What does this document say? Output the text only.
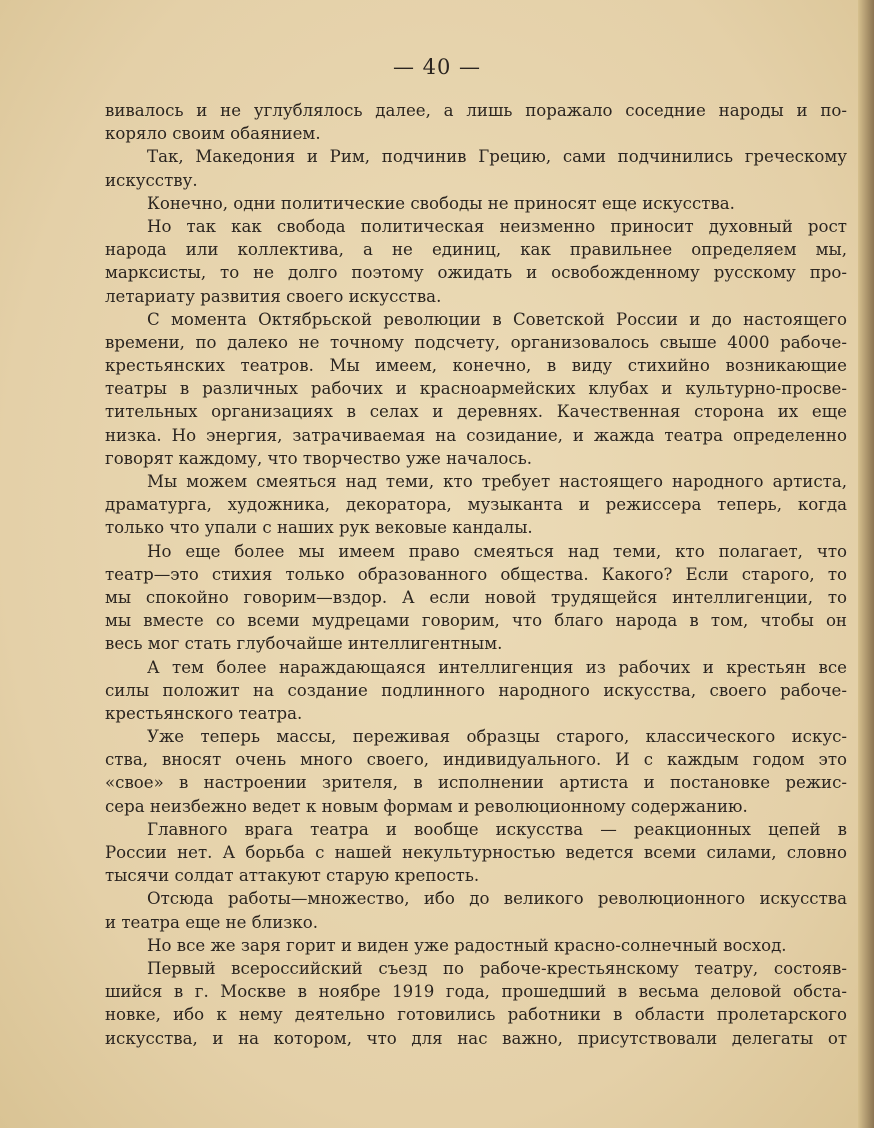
— 40 —
вивалось и не углублялось далее, а лишь поражало соседние народы и по-
коряло своим обаянием.
Так, Македония и Рим, подчинив Грецию, сами подчинились греческому
искусству.
Конечно, одни политические свободы не приносят еще искусства.
Но так как свобода политическая неизменно приносит духовный рост
народа или коллектива, а не единиц, как правильнее определяем мы,
марксисты, то не долго поэтому ожидать и освобожденному русскому про-
летариату развития своего искусства.
С момента Октябрьской революции в Советской России и до настоящего
времени, по далеко не точному подсчету, организовалось свыше 4000 рабоче-
крестьянских театров. Мы имеем, конечно, в виду стихийно возникающие
театры в различных рабочих и красноармейских клубах и культурно-просве-
тительных организациях в селах и деревнях. Качественная сторона их еще
низка. Но энергия, затрачиваемая на созидание, и жажда театра определенно
говорят каждому, что творчество уже началось.
Мы можем смеяться над теми, кто требует настоящего народного артиста,
драматурга, художника, декоратора, музыканта и режиссера теперь, когда
только что упали с наших рук вековые кандалы.
Но еще более мы имеем право смеяться над теми, кто полагает, что
театр—это стихия только образованного общества. Какого? Если старого, то
мы спокойно говорим—вздор. А если новой трудящейся интеллигенции, то
мы вместе со всеми мудрецами говорим, что благо народа в том, чтобы он
весь мог стать глубочайше интеллигентным.
А тем более нараждающаяся интеллигенция из рабочих и крестьян все
силы положит на создание подлинного народного искусства, своего рабоче-
крестьянского театра.
Уже теперь массы, переживая образцы старого, классического искус-
ства, вносят очень много своего, индивидуального. И с каждым годом это
«свое» в настроении зрителя, в исполнении артиста и постановке режис-
сера неизбежно ведет к новым формам и революционному содержанию.
Главного врага театра и вообще искусства — реакционных цепей в
России нет. А борьба с нашей некультурностью ведется всеми силами, словно
тысячи солдат аттакуют старую крепость.
Отсюда работы—множество, ибо до великого революционного искусства
и театра еще не близко.
Но все же заря горит и виден уже радостный красно-солнечный восход.
Первый всероссийский съезд по рабоче-крестьянскому театру, состояв-
шийся в г. Москве в ноябре 1919 года, прошедший в весьма деловой обста-
новке, ибо к нему деятельно готовились работники в области пролетарского
искусства, и на котором, что для нас важно, присутствовали делегаты от
